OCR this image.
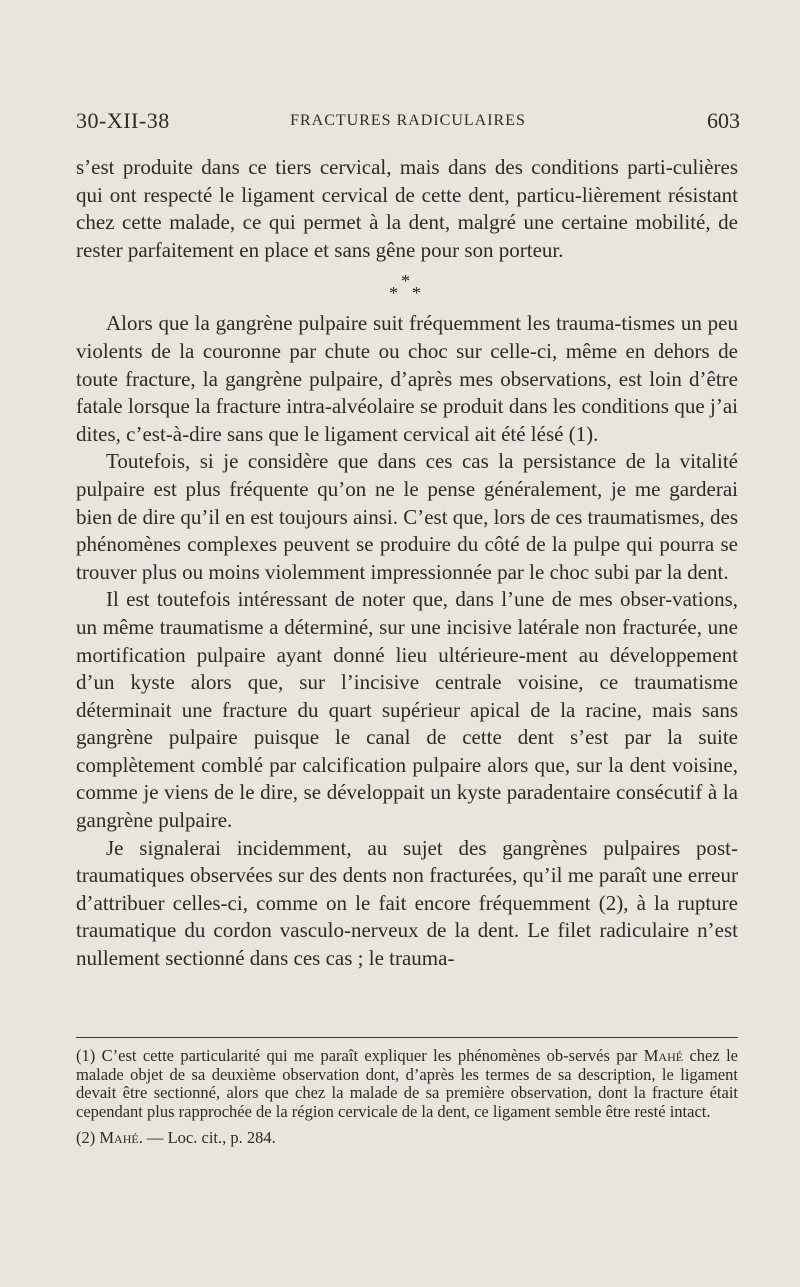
30-XII-38	FRACTURES RADICULAIRES	603

s’est produite dans ce tiers cervical, mais dans des conditions parti-culières qui ont respecté le ligament cervical de cette dent, particu-lièrement résistant chez cette malade, ce qui permet à la dent, malgré une certaine mobilité, de rester parfaitement en place et sans gêne pour son porteur.

*
* *

Alors que la gangrène pulpaire suit fréquemment les trauma-tismes un peu violents de la couronne par chute ou choc sur celle-ci, même en dehors de toute fracture, la gangrène pulpaire, d’après mes observations, est loin d’être fatale lorsque la fracture intra-alvéolaire se produit dans les conditions que j’ai dites, c’est-à-dire sans que le ligament cervical ait été lésé (1).

Toutefois, si je considère que dans ces cas la persistance de la vitalité pulpaire est plus fréquente qu’on ne le pense généralement, je me garderai bien de dire qu’il en est toujours ainsi. C’est que, lors de ces traumatismes, des phénomènes complexes peuvent se produire du côté de la pulpe qui pourra se trouver plus ou moins violemment impressionnée par le choc subi par la dent.

Il est toutefois intéressant de noter que, dans l’une de mes obser-vations, un même traumatisme a déterminé, sur une incisive latérale non fracturée, une mortification pulpaire ayant donné lieu ultérieure-ment au développement d’un kyste alors que, sur l’incisive centrale voisine, ce traumatisme déterminait une fracture du quart supérieur apical de la racine, mais sans gangrène pulpaire puisque le canal de cette dent s’est par la suite complètement comblé par calcification pulpaire alors que, sur la dent voisine, comme je viens de le dire, se développait un kyste paradentaire consécutif à la gangrène pulpaire.

Je signalerai incidemment, au sujet des gangrènes pulpaires post-traumatiques observées sur des dents non fracturées, qu’il me paraît une erreur d’attribuer celles-ci, comme on le fait encore fréquemment (2), à la rupture traumatique du cordon vasculo-nerveux de la dent. Le filet radiculaire n’est nullement sectionné dans ces cas ; le trauma-

(1) C’est cette particularité qui me paraît expliquer les phénomènes ob-servés par Mahé chez le malade objet de sa deuxième observation dont, d’après les termes de sa description, le ligament devait être sectionné, alors que chez la malade de sa première observation, dont la fracture était cependant plus rapprochée de la région cervicale de la dent, ce ligament semble être resté intact.

(2) Mahé. — Loc. cit., p. 284.
